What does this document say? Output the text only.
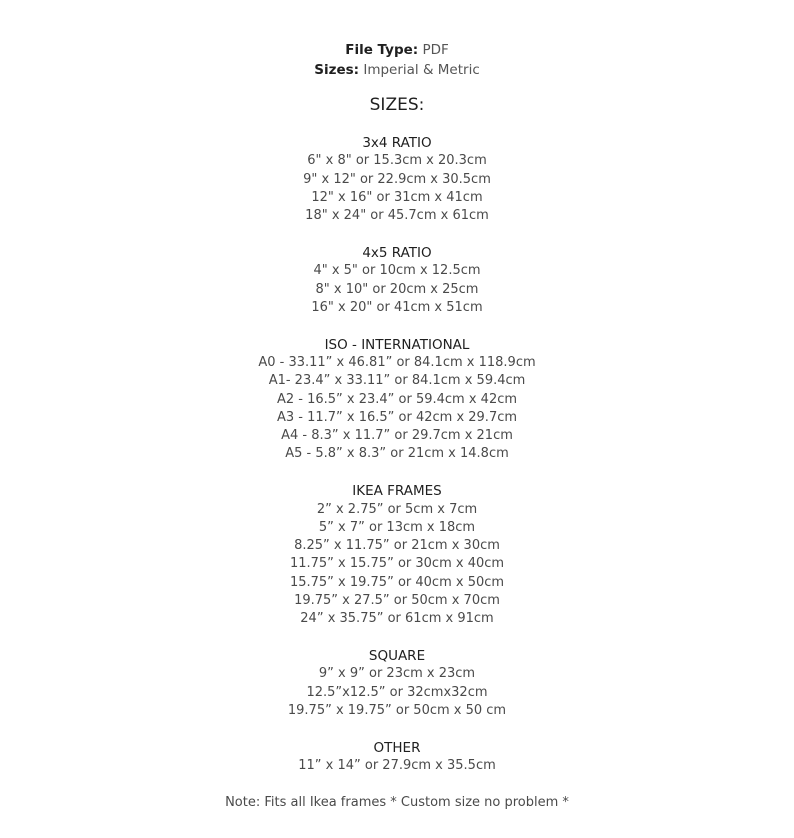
File Type: PDF
Sizes: Imperial & Metric
SIZES:
3x4 RATIO
6" x 8" or 15.3cm x 20.3cm
9" x 12" or 22.9cm x 30.5cm
12" x 16" or 31cm x 41cm
18" x 24" or 45.7cm x 61cm
4x5 RATIO
4" x 5" or 10cm x 12.5cm
8" x 10" or 20cm x 25cm
16" x 20" or 41cm x 51cm
ISO - INTERNATIONAL
A0 - 33.11” x 46.81” or 84.1cm x 118.9cm
A1- 23.4” x 33.11” or 84.1cm x 59.4cm
A2 - 16.5” x 23.4” or 59.4cm x 42cm
A3 - 11.7” x 16.5” or 42cm x 29.7cm
A4 - 8.3” x 11.7” or 29.7cm x 21cm
A5 - 5.8” x 8.3” or 21cm x 14.8cm
IKEA FRAMES
2” x 2.75” or 5cm x 7cm
5” x 7” or 13cm x 18cm
8.25” x 11.75” or 21cm x 30cm
11.75” x 15.75” or 30cm x 40cm
15.75” x 19.75” or 40cm x 50cm
19.75” x 27.5” or 50cm x 70cm
24” x 35.75” or 61cm x 91cm
SQUARE
9” x 9” or 23cm x 23cm
12.5”x12.5” or 32cmx32cm
19.75” x 19.75” or 50cm x 50 cm
OTHER
11” x 14” or 27.9cm x 35.5cm
Note: Fits all Ikea frames * Custom size no problem *
